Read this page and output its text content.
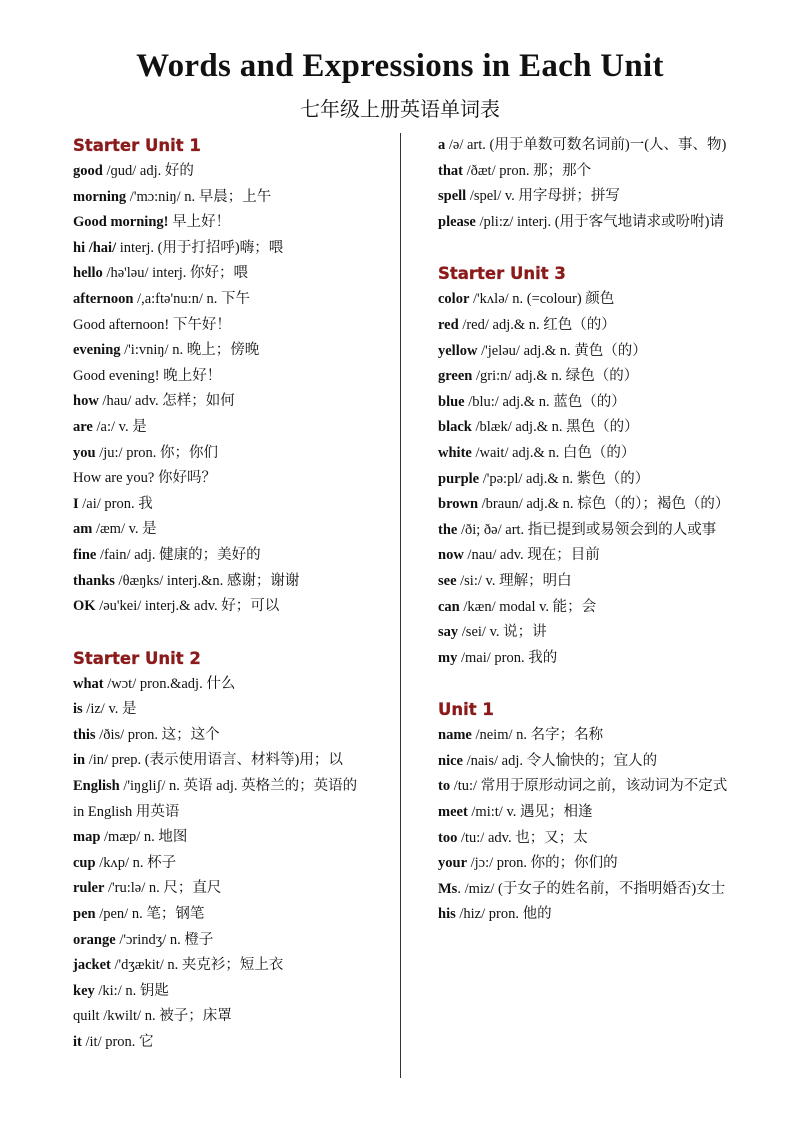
Words and Expressions in Each Unit
七年级上册英语单词表
Starter Unit 1
good /ɡud/ adj. 好的
morning /'mɔ:niŋ/ n. 早晨；上午
Good morning! 早上好！
hi /hai/ interj. (用于打招呼)嗨；喂
hello /hə'ləu/ interj. 你好；喂
afternoon /,a:ftə'nu:n/ n. 下午
Good afternoon! 下午好！
evening /'i:vniŋ/ n. 晚上；傍晚
Good evening! 晚上好！
how /hau/ adv. 怎样；如何
are /a:/ v. 是
you /ju:/ pron. 你；你们
How are you? 你好吗？
I /ai/ pron. 我
am /æm/ v. 是
fine /fain/ adj. 健康的；美好的
thanks /θæŋks/ interj.&n. 感谢；谢谢
OK /əu'kei/ interj.& adv. 好；可以
Starter Unit 2
what /wɔt/ pron.&adj. 什么
is /iz/ v. 是
this /ðis/ pron. 这；这个
in /in/ prep. (表示使用语言、材料等)用；以
English /'iŋgliʃ/ n. 英语 adj. 英格兰的；英语的
in English 用英语
map /mæp/ n. 地图
cup /kʌp/ n. 杯子
ruler /'ru:lə/ n. 尺；直尺
pen /pen/ n. 笔；钢笔
orange /'ɔrindʒ/ n. 橙子
jacket /'dʒækit/ n. 夹克衫；短上衣
key /ki:/ n. 钥匙
quilt /kwilt/ n. 被子；床罩
it /it/ pron. 它
a /ə/ art. (用于单数可数名词前)一(人、事、物)
that /ðæt/ pron. 那；那个
spell /spel/ v. 用字母拼；拼写
please /pli:z/ interj. (用于客气地请求或吩咐)请
Starter Unit 3
color /'kʌlə/ n. (=colour) 颜色
red /red/ adj.& n. 红色（的）
yellow /'jeləu/ adj.& n. 黄色（的）
green /gri:n/ adj.& n. 绿色（的）
blue /blu:/ adj.& n. 蓝色（的）
black /blæk/ adj.& n. 黑色（的）
white /wait/ adj.& n. 白色（的）
purple /'pə:pl/ adj.& n. 紫色（的）
brown /braun/ adj.& n. 棕色（的）；褐色（的）
the /ði; ðə/ art. 指已提到或易领会到的人或事
now /nau/ adv. 现在；目前
see /si:/ v. 理解；明白
can /kæn/ modal v. 能；会
say /sei/ v. 说；讲
my /mai/ pron. 我的
Unit 1
name /neim/ n. 名字；名称
nice /nais/ adj. 令人愉快的；宜人的
to /tu:/ 常用于原形动词之前，该动词为不定式
meet /mi:t/ v. 遇见；相逢
too /tu:/ adv. 也；又；太
your /jɔ:/ pron. 你的；你们的
Ms. /miz/ (于女子的姓名前，不指明婚否)女士
his /hiz/ pron. 他的
